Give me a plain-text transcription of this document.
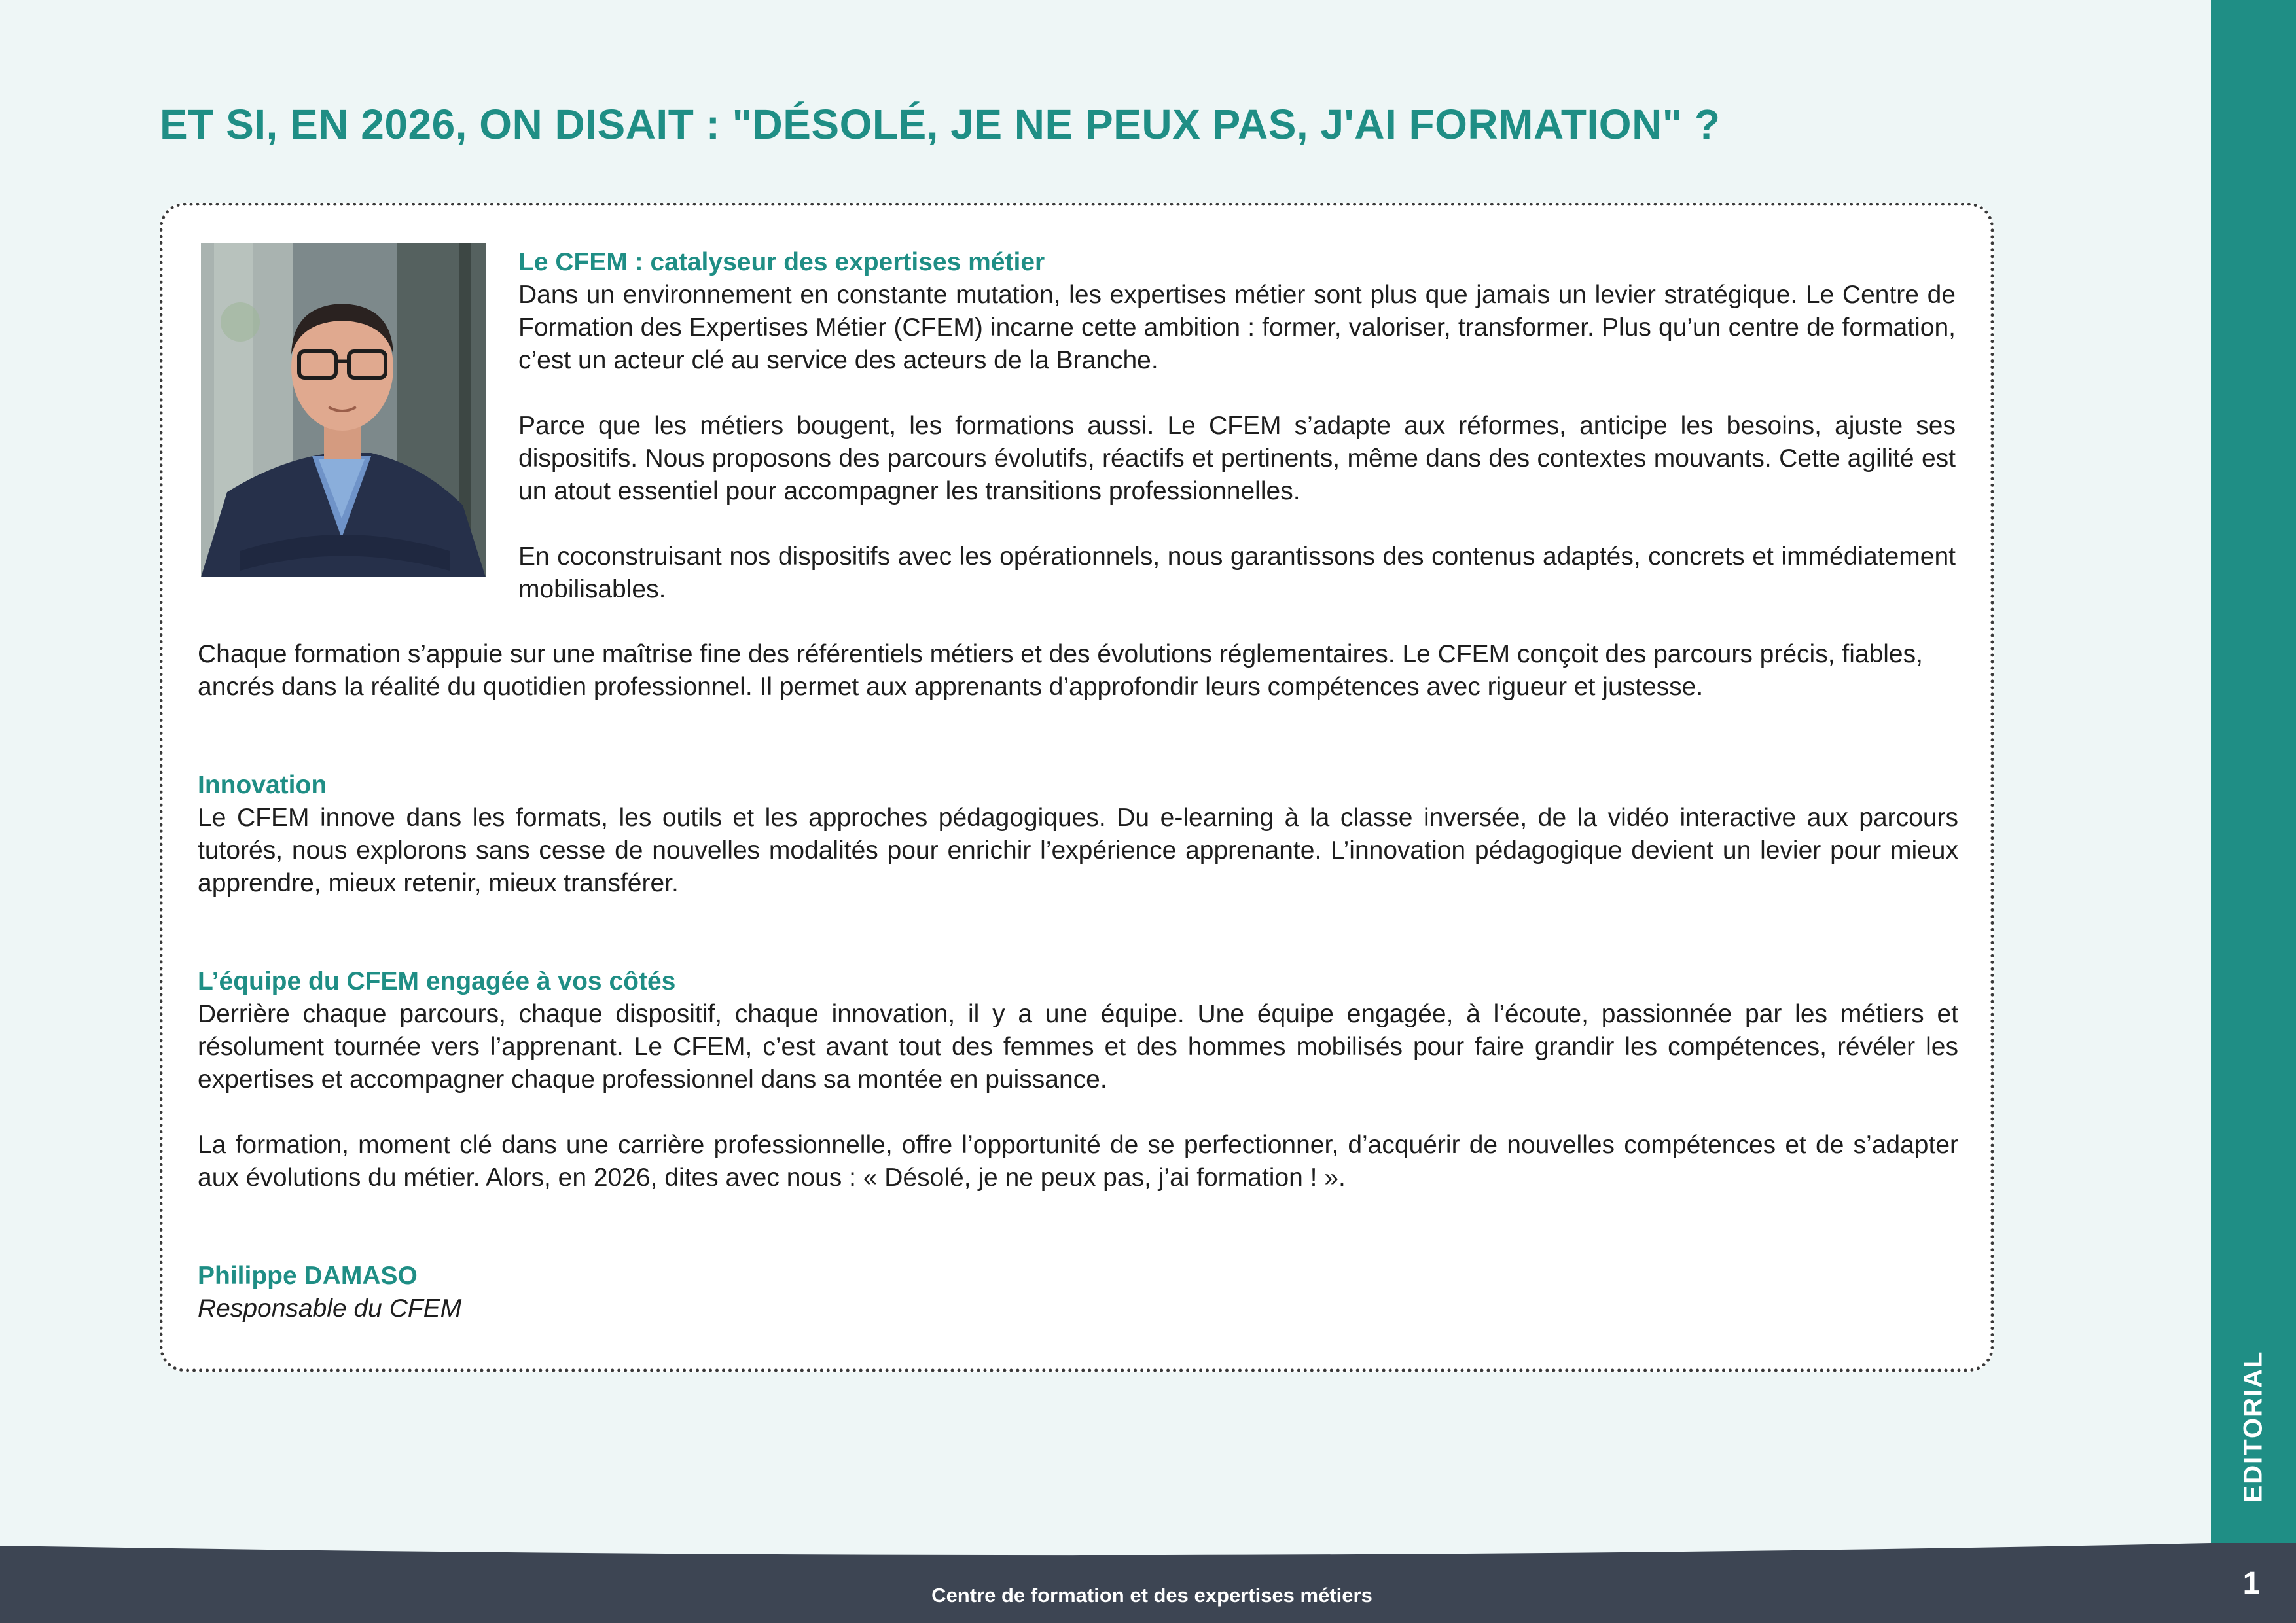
ET SI, EN 2026, ON DISAIT : "DÉSOLÉ, JE NE PEUX PAS, J'AI FORMATION" ?
Le CFEM : catalyseur des expertises métier

Dans un environnement en constante mutation, les expertises métier sont plus que jamais un levier stratégique. Le Centre de Formation des Expertises Métier (CFEM) incarne cette ambition : former, valoriser, transformer. Plus qu’un centre de formation, c’est un acteur clé au service des acteurs de la Branche.

Parce que les métiers bougent, les formations aussi. Le CFEM s’adapte aux réformes, anticipe les besoins, ajuste ses dispositifs. Nous proposons des parcours évolutifs, réactifs et pertinents, même dans des contextes mouvants. Cette agilité est un atout essentiel pour accompagner les transitions professionnelles.

En coconstruisant nos dispositifs avec les opérationnels, nous garantissons des contenus adaptés, concrets et immédiatement mobilisables.

Chaque formation s’appuie sur une maîtrise fine des référentiels métiers et des évolutions réglementaires. Le CFEM conçoit des parcours précis, fiables, ancrés dans la réalité du quotidien professionnel. Il permet aux apprenants d’approfondir leurs compétences avec rigueur et justesse.

Innovation

Le CFEM innove dans les formats, les outils et les approches pédagogiques. Du e-learning à la classe inversée, de la vidéo interactive aux parcours tutorés, nous explorons sans cesse de nouvelles modalités pour enrichir l’expérience apprenante. L’innovation pédagogique devient un levier pour mieux apprendre, mieux retenir, mieux transférer.

L’équipe du CFEM engagée à vos côtés

Derrière chaque parcours, chaque dispositif, chaque innovation, il y a une équipe. Une équipe engagée, à l’écoute, passionnée par les métiers et résolument tournée vers l’apprenant. Le CFEM, c’est avant tout des femmes et des hommes mobilisés pour faire grandir les compétences, révéler les expertises et accompagner chaque professionnel dans sa montée en puissance.

La formation, moment clé dans une carrière professionnelle, offre l’opportunité de se perfectionner, d’acquérir de nouvelles compétences et de s’adapter aux évolutions du métier. Alors, en 2026, dites avec nous : « Désolé, je ne peux pas, j’ai formation ! ».

Philippe DAMASO

Responsable du CFEM

EDITORIAL
Centre de formation et des expertises métiers	1
